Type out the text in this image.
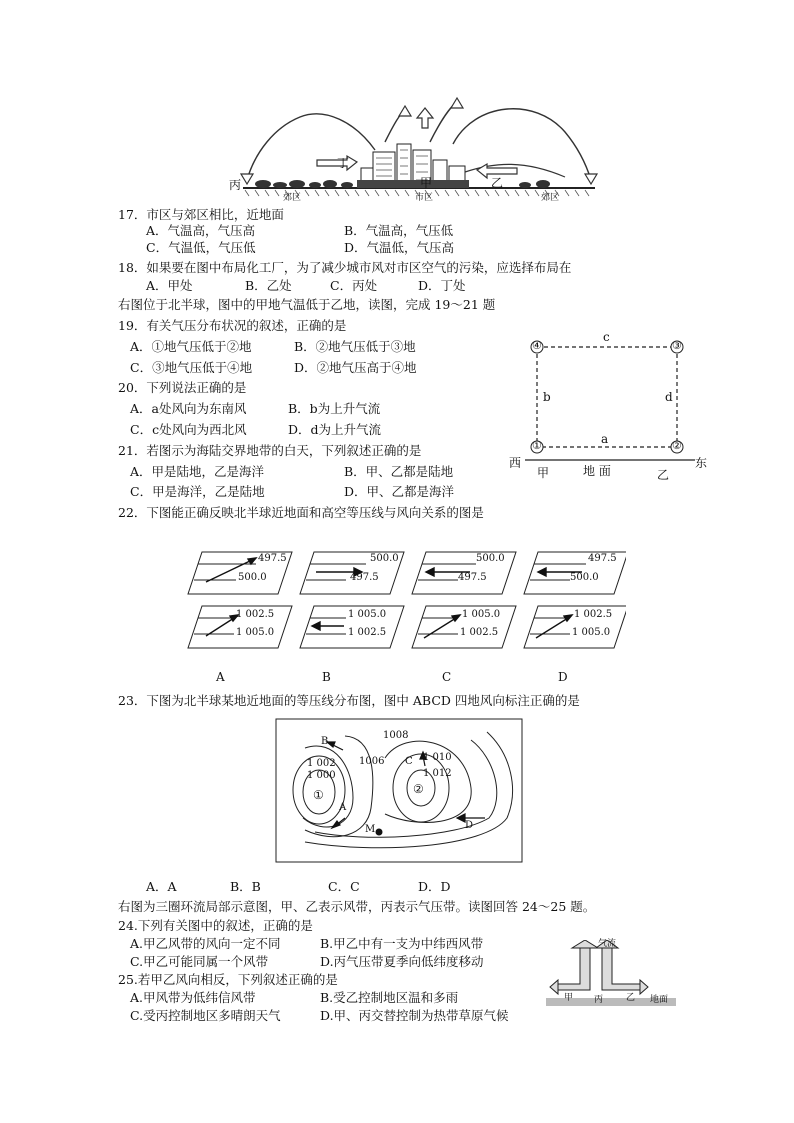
丙
丁
甲	乙
郊区	市区	郊区
17．市区与郊区相比，近地面
A．气温高，气压高	B．气温高，气压低
C．气温低，气压低	D．气温低，气压高
18．如果要在图中布局化工厂，为了减少城市风对市区空气的污染，应选择布局在
A．甲处	B．乙处	C．丙处	D．丁处
右图位于北半球，图中的甲地气温低于乙地，读图，完成 19～21 题
19．有关气压分布状况的叙述，正确的是
A．①地气压低于②地	B．②地气压低于③地
C．③地气压低于④地	D．②地气压高于④地
20．下列说法正确的是
A．a处风向为东南风	B．b为上升气流
C．c处风向为西北风	D．d为上升气流
21．若图示为海陆交界地带的白天，下列叙述正确的是
A．甲是陆地，乙是海洋	B．甲、乙都是陆地
C．甲是海洋，乙是陆地	D．甲、乙都是海洋
④	③
①	②
c
b	d
a
西	东
甲	地 面	乙
22．下图能正确反映北半球近地面和高空等压线与风向关系的图是
497.5
500.0
1 002.5
1 005.0
500.0
497.5
1 005.0
1 002.5
500.0
497.5
1 005.0
1 002.5
497.5
500.0
1 002.5
1 005.0
A	B	C	D
23．下图为北半球某地近地面的等压线分布图，图中 ABCD 四地风向标注正确的是
1008
1006
1 002
1 000
1 010
1 012
①	②
B
C
A
D
M
A．A	B．B	C．C	D．D
右图为三圈环流局部示意图，甲、乙表示风带，丙表示气压带。读图回答 24～25 题。
24.下列有关图中的叙述，正确的是
A.甲乙风带的风向一定不同	B.甲乙中有一支为中纬西风带
C.甲乙可能同属一个风带	D.丙气压带夏季向低纬度移动
25.若甲乙风向相反，下列叙述正确的是
A.甲风带为低纬信风带	B.受乙控制地区温和多雨
C.受丙控制地区多晴朗天气	D.甲、丙交替控制为热带草原气候
气流
甲 丙	乙 地面
